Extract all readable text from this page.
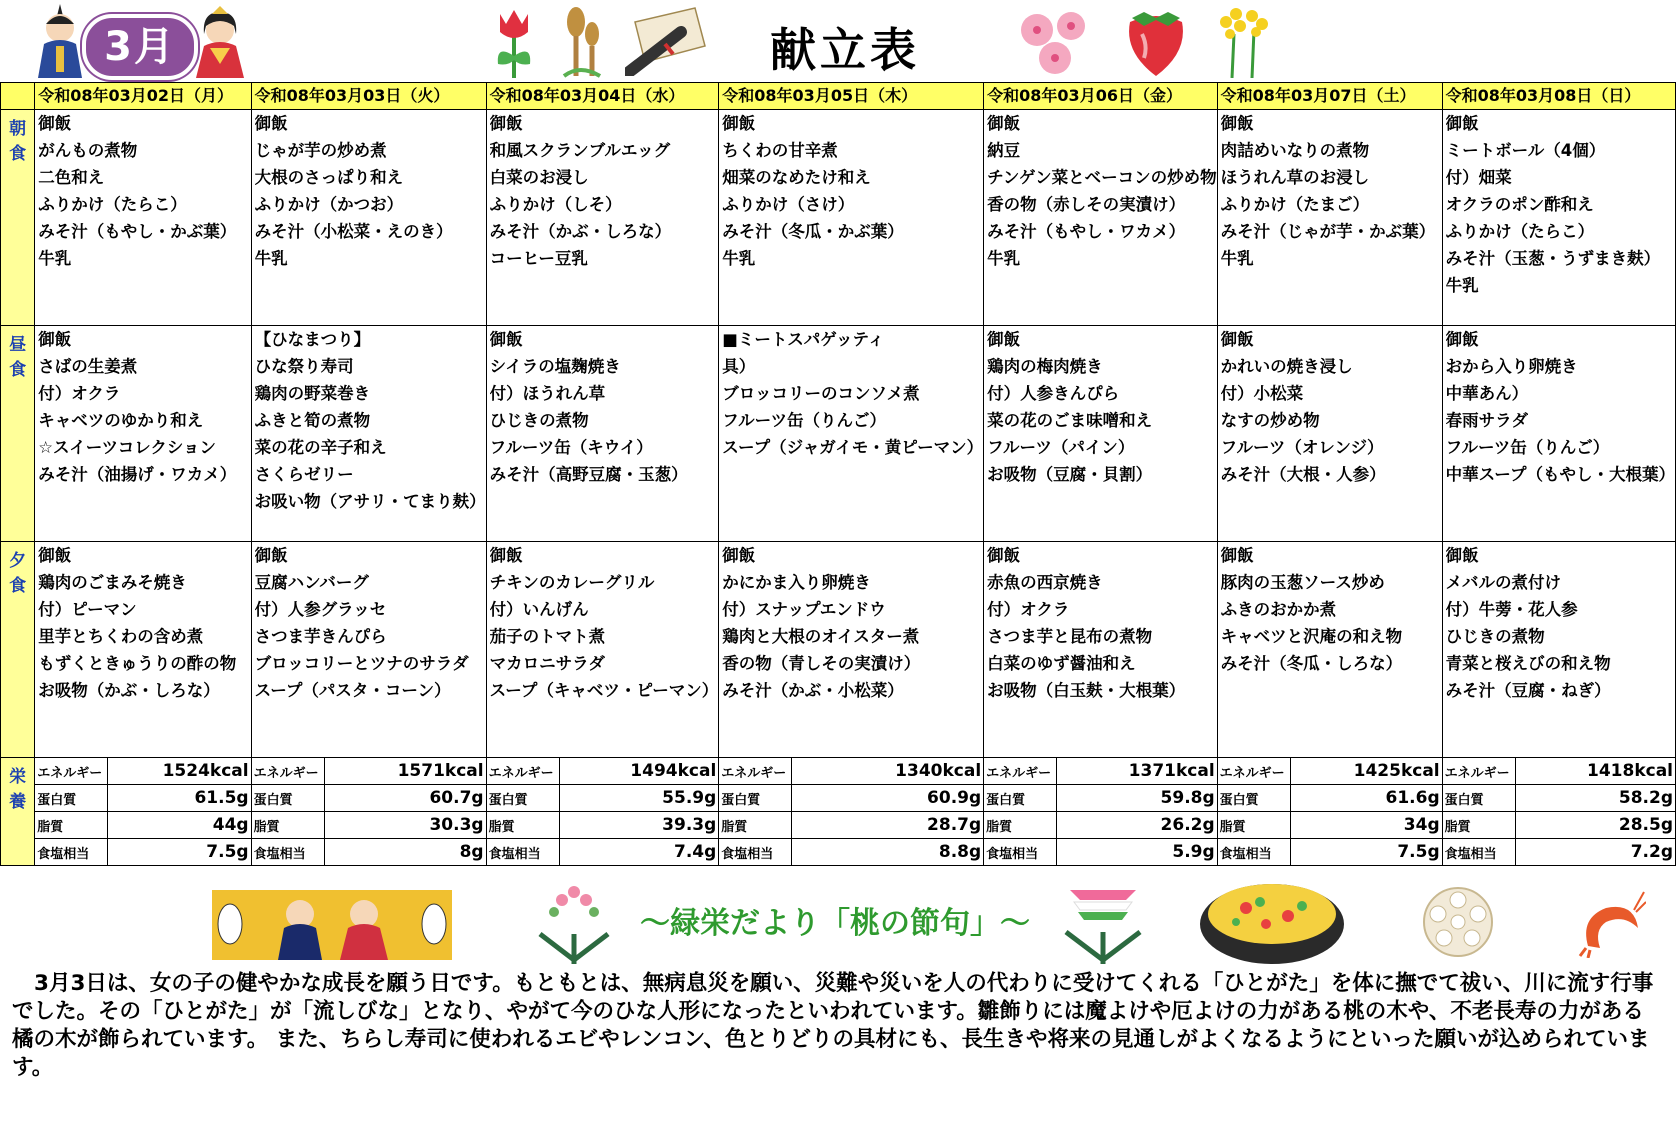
3月	献立表
	令和08年03月02日（月）	令和08年03月03日（火）	令和08年03月04日（水）	令和08年03月05日（木）	令和08年03月06日（金）	令和08年03月07日（土）	令和08年03月08日（日）
朝食	
御飯
がんもの煮物
二色和え
ふりかけ（たらこ）
みそ汁（もやし・かぶ葉）
牛乳

御飯
じゃが芋の炒め煮
大根のさっぱり和え
ふりかけ（かつお）
みそ汁（小松菜・えのき）
牛乳

御飯
和風スクランブルエッグ
白菜のお浸し
ふりかけ（しそ）
みそ汁（かぶ・しろな）
コーヒー豆乳

御飯
ちくわの甘辛煮
畑菜のなめたけ和え
ふりかけ（さけ）
みそ汁（冬瓜・かぶ葉）
牛乳

御飯
納豆
チンゲン菜とベーコンの炒め物
香の物（赤しその実漬け）
みそ汁（もやし・ワカメ）
牛乳

御飯
肉詰めいなりの煮物
ほうれん草のお浸し
ふりかけ（たまご）
みそ汁（じゃが芋・かぶ葉）
牛乳

御飯
ミートボール（4個）
付）畑菜
オクラのポン酢和え
ふりかけ（たらこ）
みそ汁（玉葱・うずまき麸）
牛乳

昼食	
御飯
さばの生姜煮
付）オクラ
キャベツのゆかり和え
☆スイーツコレクション
みそ汁（油揚げ・ワカメ）

【ひなまつり】
ひな祭り寿司
鶏肉の野菜巻き
ふきと筍の煮物
菜の花の辛子和え
さくらゼリー
お吸い物（アサリ・てまり麸）

御飯
シイラの塩麹焼き
付）ほうれん草
ひじきの煮物
フルーツ缶（キウイ）
みそ汁（高野豆腐・玉葱）

■ミートスパゲッティ
具）
ブロッコリーのコンソメ煮
フルーツ缶（りんご）
スープ（ジャガイモ・黄ピーマン）

御飯
鶏肉の梅肉焼き
付）人参きんぴら
菜の花のごま味噌和え
フルーツ（パイン）
お吸物（豆腐・貝割）

御飯
かれいの焼き浸し
付）小松菜
なすの炒め物
フルーツ（オレンジ）
みそ汁（大根・人参）

御飯
おから入り卵焼き
中華あん）
春雨サラダ
フルーツ缶（りんご）
中華スープ（もやし・大根葉）

夕食	
御飯
鶏肉のごまみそ焼き
付）ピーマン
里芋とちくわの含め煮
もずくときゅうりの酢の物
お吸物（かぶ・しろな）

御飯
豆腐ハンバーグ
付）人参グラッセ
さつま芋きんぴら
ブロッコリーとツナのサラダ
スープ（パスタ・コーン）

御飯
チキンのカレーグリル
付）いんげん
茄子のトマト煮
マカロニサラダ
スープ（キャベツ・ピーマン）

御飯
かにかま入り卵焼き
付）スナップエンドウ
鶏肉と大根のオイスター煮
香の物（青しその実漬け）
みそ汁（かぶ・小松菜）

御飯
赤魚の西京焼き
付）オクラ
さつま芋と昆布の煮物
白菜のゆず醤油和え
お吸物（白玉麸・大根葉）

御飯
豚肉の玉葱ソース炒め
ふきのおかか煮
キャベツと沢庵の和え物
みそ汁（冬瓜・しろな）

御飯
メバルの煮付け
付）牛蒡・花人参
ひじきの煮物
青菜と桜えびの和え物
みそ汁（豆腐・ねぎ）

栄養	
エネルギー	1524kcal
蛋白質	61.5g
脂質	44g
食塩相当	7.5g

エネルギー	1571kcal
蛋白質	60.7g
脂質	30.3g
食塩相当	8g

エネルギー	1494kcal
蛋白質	55.9g
脂質	39.3g
食塩相当	7.4g

エネルギー	1340kcal
蛋白質	60.9g
脂質	28.7g
食塩相当	8.8g

エネルギー	1371kcal
蛋白質	59.8g
脂質	26.2g
食塩相当	5.9g

エネルギー	1425kcal
蛋白質	61.6g
脂質	34g
食塩相当	7.5g

エネルギー	1418kcal
蛋白質	58.2g
脂質	28.5g
食塩相当	7.2g
～緑栄だより「桃の節句」～
3月3日は、女の子の健やかな成長を願う日です。もともとは、無病息災を願い、災難や災いを人の代わりに受けてくれる「ひとがた」を体に撫でて祓い、川に流す行事でした。その「ひとがた」が「流しびな」となり、やがて今のひな人形になったといわれています。雛飾りには魔よけや厄よけの力がある桃の木や、不老長寿の力がある橘の木が飾られています。 また、ちらし寿司に使われるエビやレンコン、色とりどりの具材にも、長生きや将来の見通しがよくなるようにといった願いが込められています。
